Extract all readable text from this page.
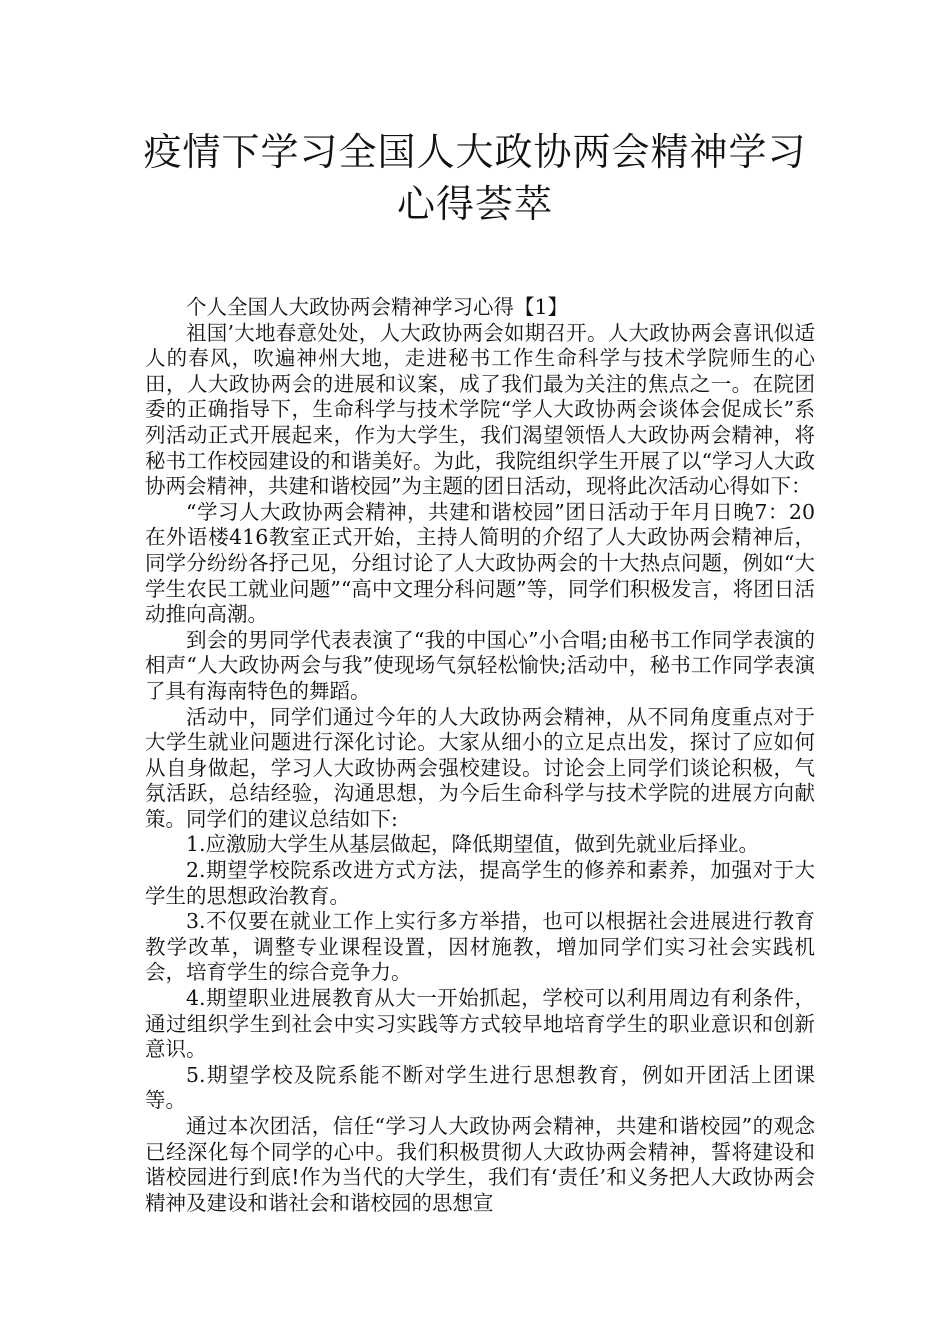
疫情下学习全国人大政协两会精神学习
心得荟萃

个人全国人大政协两会精神学习心得【1】

祖国’大地春意处处，人大政协两会如期召开。人大政协两会喜讯似适人的春风，吹遍神州大地，走进秘书工作生命科学与技术学院师生的心田，人大政协两会的进展和议案，成了我们最为关注的焦点之一。在院团委的正确指导下，生命科学与技术学院“学人大政协两会谈体会促成长”系列活动正式开展起来，作为大学生，我们渴望领悟人大政协两会精神，将秘书工作校园建设的和谐美好。为此，我院组织学生开展了以“学习人大政协两会精神，共建和谐校园”为主题的团日活动，现将此次活动心得如下：

“学习人大政协两会精神，共建和谐校园”团日活动于年月日晚7：20在外语楼416教室正式开始，主持人简明的介绍了人大政协两会精神后，同学分纷纷各抒己见，分组讨论了人大政协两会的十大热点问题，例如“大学生农民工就业问题”“高中文理分科问题”等，同学们积极发言，将团日活动推向高潮。

到会的男同学代表表演了“我的中国心”小合唱;由秘书工作同学表演的相声“人大政协两会与我”使现场气氛轻松愉快;活动中，秘书工作同学表演了具有海南特色的舞蹈。

活动中，同学们通过今年的人大政协两会精神，从不同角度重点对于大学生就业问题进行深化讨论。大家从细小的立足点出发，探讨了应如何从自身做起，学习人大政协两会强校建设。讨论会上同学们谈论积极，气氛活跃，总结经验，沟通思想，为今后生命科学与技术学院的进展方向献策。同学们的建议总结如下:

1.应激励大学生从基层做起，降低期望值，做到先就业后择业。

2.期望学校院系改进方式方法，提高学生的修养和素养，加强对于大学生的思想政治教育。

3.不仅要在就业工作上实行多方举措，也可以根据社会进展进行教育教学改革，调整专业课程设置，因材施教，增加同学们实习社会实践机会，培育学生的综合竞争力。

4.期望职业进展教育从大一开始抓起，学校可以利用周边有利条件，通过组织学生到社会中实习实践等方式较早地培育学生的职业意识和创新意识。

5.期望学校及院系能不断对学生进行思想教育，例如开团活上团课等。

通过本次团活，信任“学习人大政协两会精神，共建和谐校园”的观念已经深化每个同学的心中。我们积极贯彻人大政协两会精神，誓将建设和谐校园进行到底!作为当代的大学生，我们有‘责任’和义务把人大政协两会精神及建设和谐社会和谐校园的思想宣
